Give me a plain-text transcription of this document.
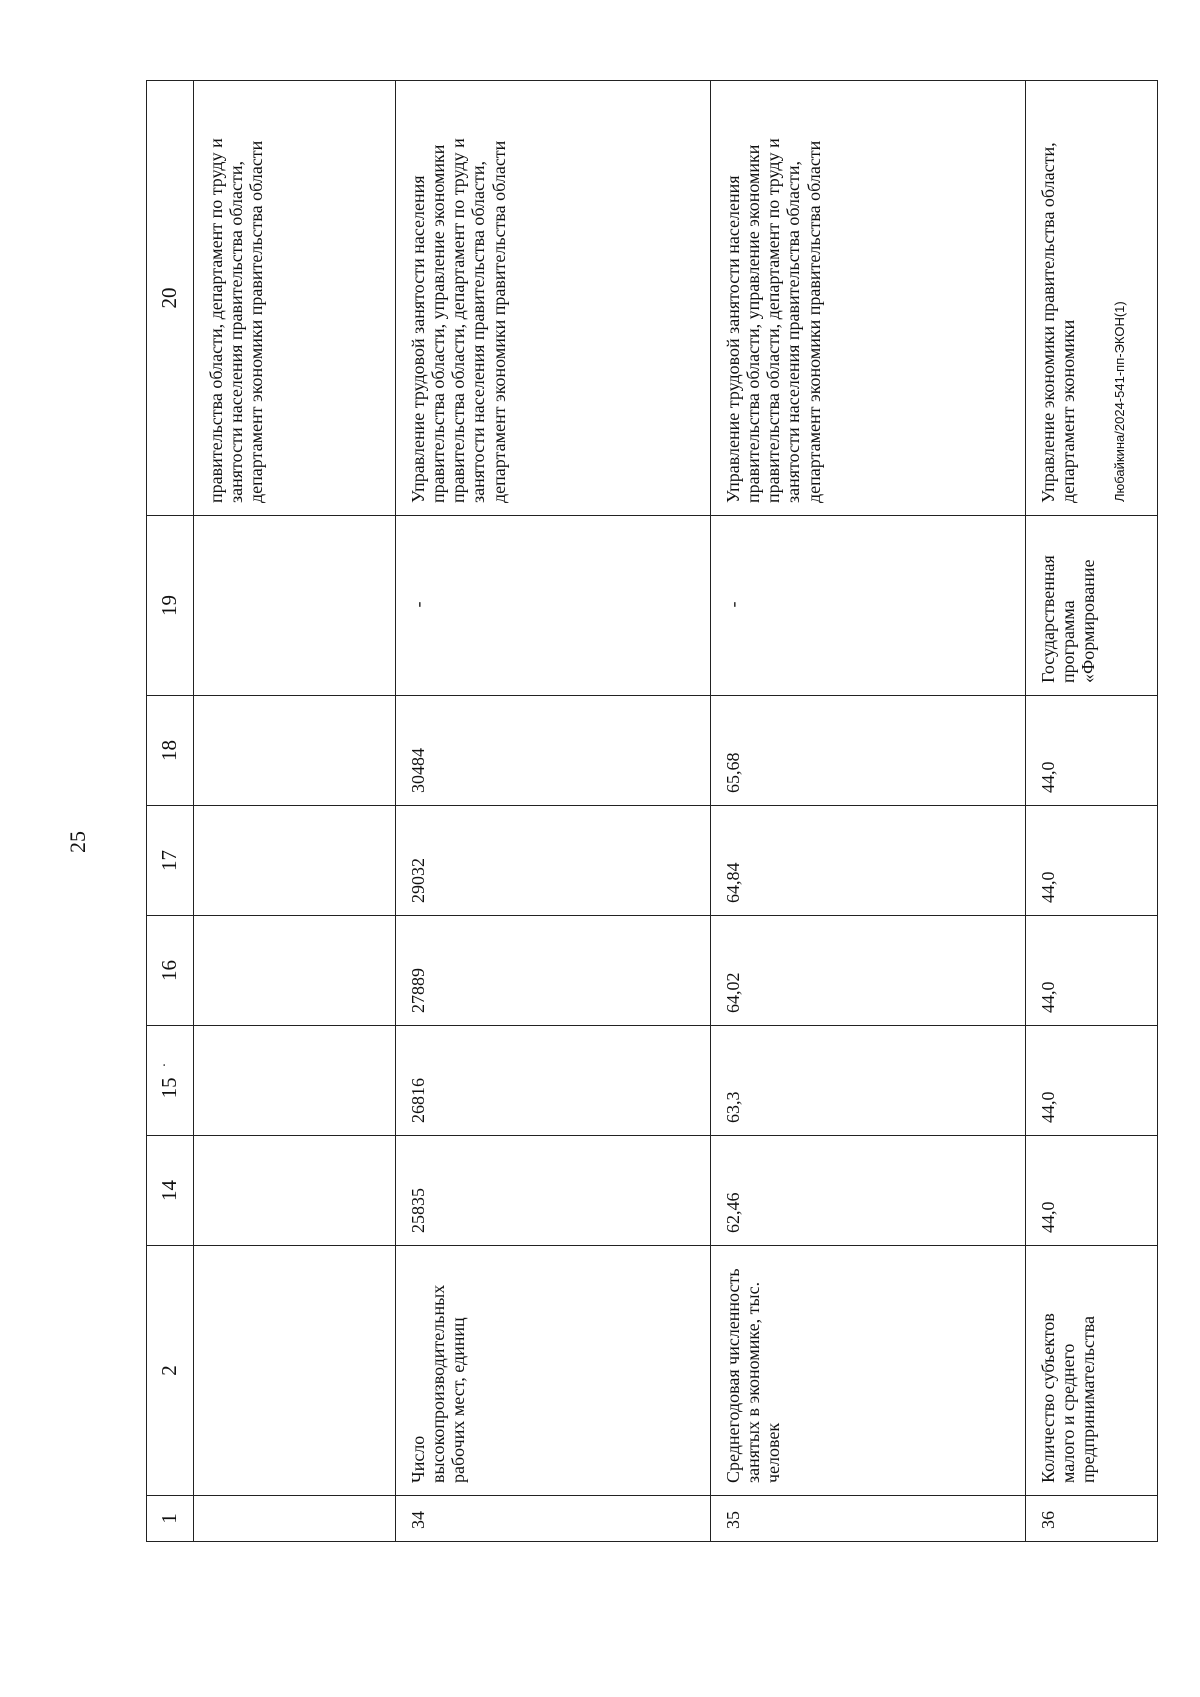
25
Любайкина/2024-541-пп-ЭКОН(1)
1	2	14	15·	16	17	18	19	20
								правительства области, департамент по труду и занятости населения правительства области, департамент экономики правительства области
34	Число высокопроизводительных рабочих мест, единиц	25835	26816	27889	29032	30484	-	Управление трудовой занятости населения правительства области, управление экономики правительства области, департамент по труду и занятости населения правительства области, департамент экономики правительства области
35	Среднегодовая численность занятых в экономике, тыс. человек	62,46	63,3	64,02	64,84	65,68	-	Управление трудовой занятости населения правительства области, управление экономики правительства области, департамент по труду и занятости населения правительства области, департамент экономики правительства области
36	Количество субъектов малого и среднего предпринимательства	44,0	44,0	44,0	44,0	44,0	Государственная программа «Формирование	Управление экономики правительства области, департамент экономики
